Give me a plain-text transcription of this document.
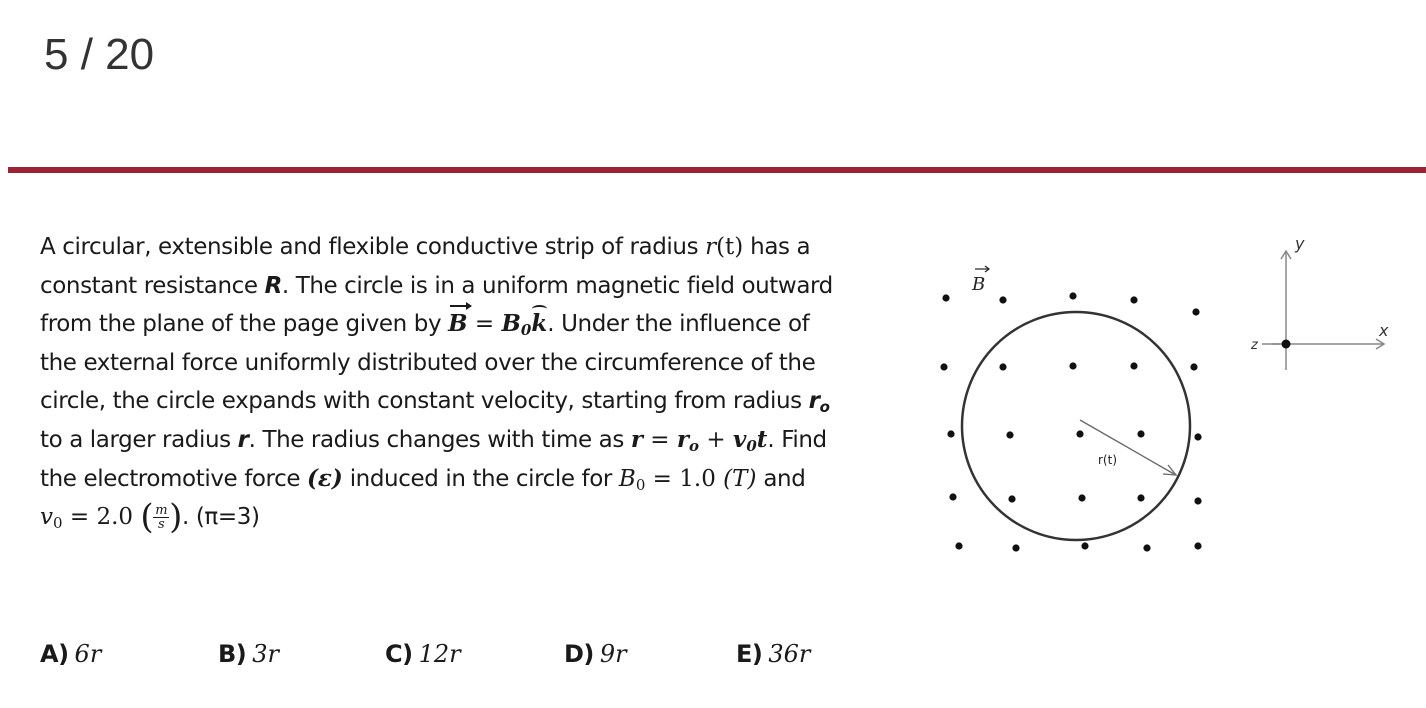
5 / 20
A circular, extensible and flexible conductive strip of radius r(t) has a
constant resistance R. The circle is in a uniform magnetic field outward
from the plane of the page given by $B = B_0k$. Under the influence of
the external force uniformly distributed over the circumference of the
circle, the circle expands with constant velocity, starting from radius $r_o$
to a larger radius r. The radius changes with time as $r = r_o + v_0t$. Find
the electromotive force (ε) induced in the circle for $B_0 = 1.0$ (T) and
$v_0 = 2.0$ ( $\frac{m}{s}$ ). (π=3)
r(t)
B
y
x
z
A) 6r	B) 3r	C) 12r	D) 9r	E) 36r
